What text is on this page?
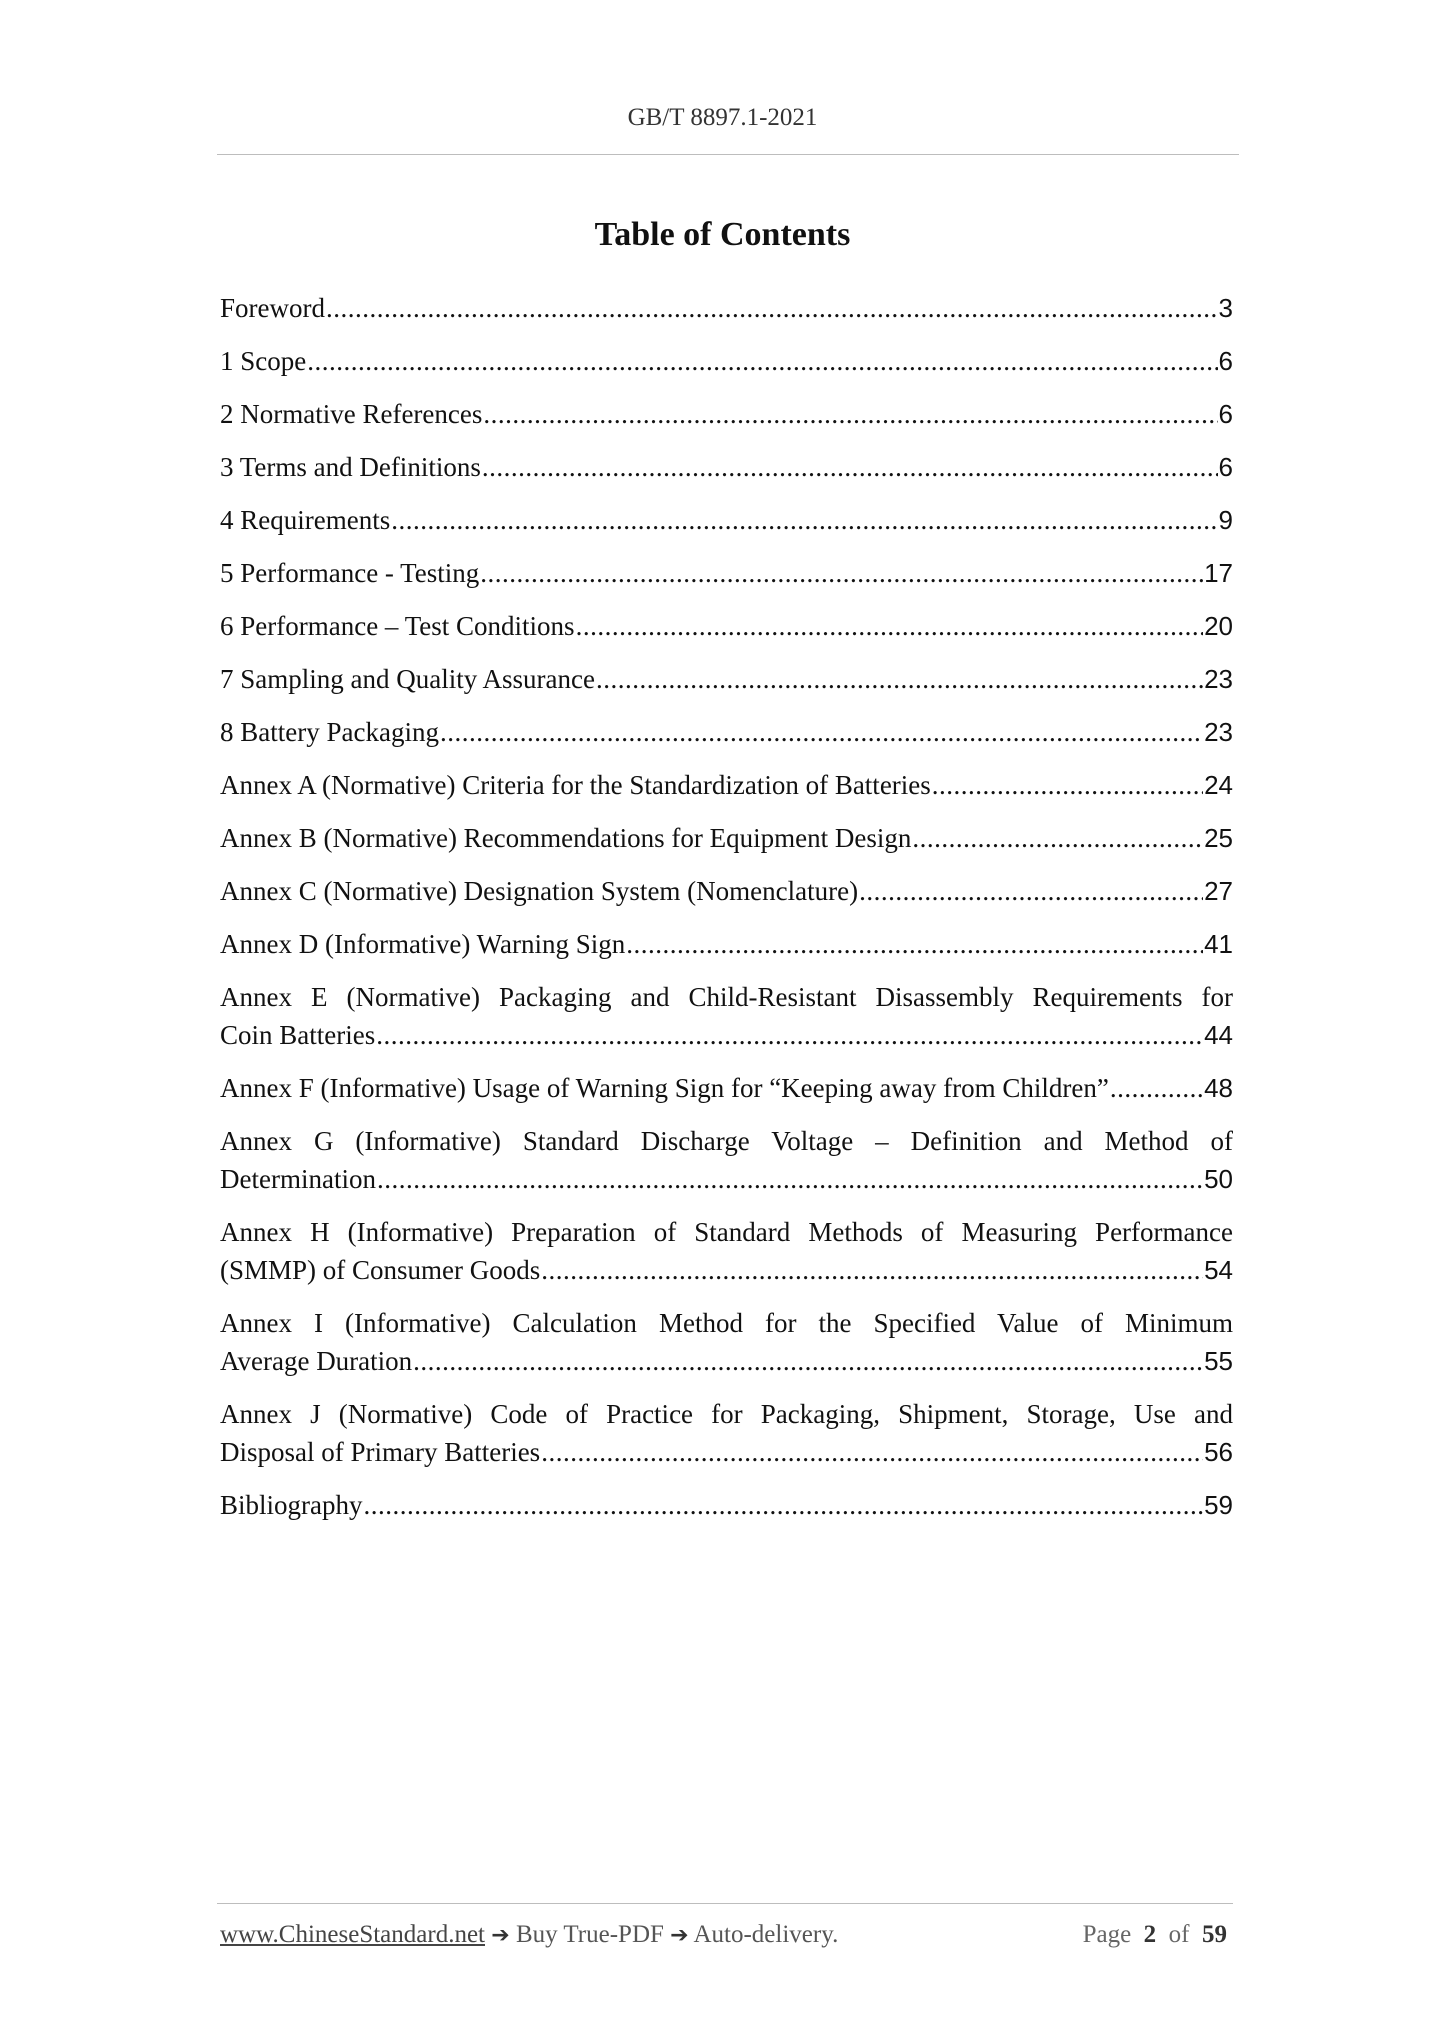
GB/T 8897.1-2021
Table of Contents
Foreword .....	3
1 Scope .....	6
2 Normative References .....	6
3 Terms and Definitions .....	6
4 Requirements .....	9
5 Performance - Testing .....	17
6 Performance – Test Conditions .....	20
7 Sampling and Quality Assurance .....	23
8 Battery Packaging .....	23
Annex A (Normative) Criteria for the Standardization of Batteries .....	24
Annex B (Normative) Recommendations for Equipment Design .....	25
Annex C (Normative) Designation System (Nomenclature) .....	27
Annex D (Informative) Warning Sign .....	41
Annex E (Normative) Packaging and Child-Resistant Disassembly Requirements for
Coin Batteries .....	44
Annex F (Informative) Usage of Warning Sign for “Keeping away from Children” .....	48
Annex G (Informative) Standard Discharge Voltage – Definition and Method of
Determination .....	50
Annex H (Informative) Preparation of Standard Methods of Measuring Performance
(SMMP) of Consumer Goods .....	54
Annex I (Informative) Calculation Method for the Specified Value of Minimum
Average Duration .....	55
Annex J (Normative) Code of Practice for Packaging, Shipment, Storage, Use and
Disposal of Primary Batteries .....	56
Bibliography .....	59
www.ChineseStandard.net ➔ Buy True-PDF ➔ Auto-delivery.	Page 2 of 59
